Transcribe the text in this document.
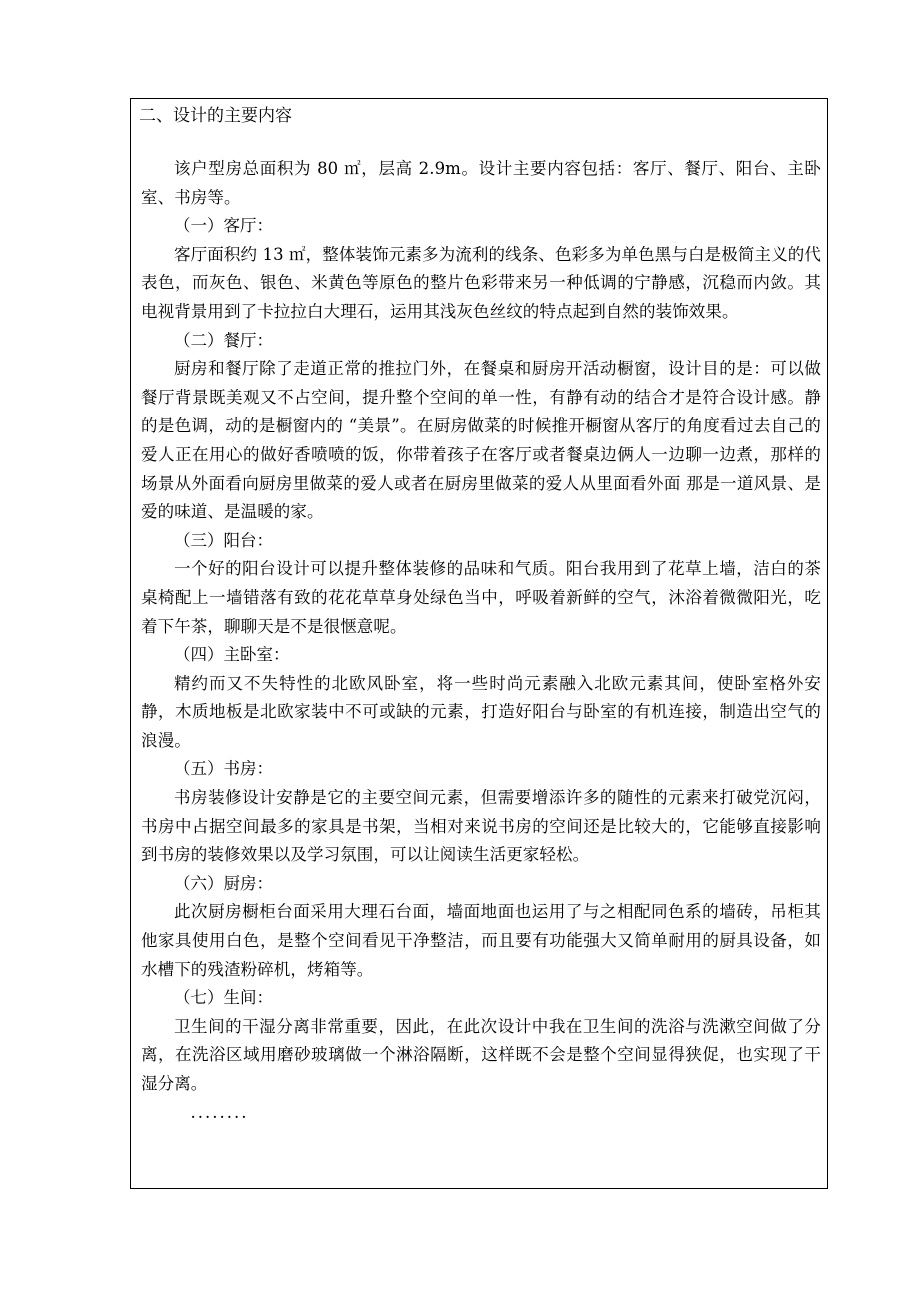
二、设计的主要内容

该户型房总面积为 80 ㎡，层高 2.9m。设计主要内容包括：客厅、餐厅、阳台、主卧室、书房等。

（一）客厅：

客厅面积约 13 ㎡，整体装饰元素多为流利的线条、色彩多为单色黑与白是极简主义的代表色，而灰色、银色、米黄色等原色的整片色彩带来另一种低调的宁静感，沉稳而内敛。其电视背景用到了卡拉拉白大理石，运用其浅灰色丝纹的特点起到自然的装饰效果。

（二）餐厅：

厨房和餐厅除了走道正常的推拉门外，在餐桌和厨房开活动橱窗，设计目的是：可以做餐厅背景既美观又不占空间，提升整个空间的单一性，有静有动的结合才是符合设计感。静的是色调，动的是橱窗内的 “美景”。在厨房做菜的时候推开橱窗从客厅的角度看过去自己的爱人正在用心的做好香喷喷的饭，你带着孩子在客厅或者餐桌边俩人一边聊一边煮，那样的场景从外面看向厨房里做菜的爱人或者在厨房里做菜的爱人从里面看外面 那是一道风景、是爱的味道、是温暖的家。

（三）阳台：

一个好的阳台设计可以提升整体装修的品味和气质。阳台我用到了花草上墙，洁白的茶桌椅配上一墙错落有致的花花草草身处绿色当中，呼吸着新鲜的空气，沐浴着微微阳光，吃着下午茶，聊聊天是不是很惬意呢。

（四）主卧室：

精约而又不失特性的北欧风卧室，将一些时尚元素融入北欧元素其间，使卧室格外安静，木质地板是北欧家装中不可或缺的元素，打造好阳台与卧室的有机连接，制造出空气的浪漫。

（五）书房：

书房装修设计安静是它的主要空间元素，但需要增添许多的随性的元素来打破党沉闷，书房中占据空间最多的家具是书架，当相对来说书房的空间还是比较大的，它能够直接影响到书房的装修效果以及学习氛围，可以让阅读生活更家轻松。

（六）厨房：

此次厨房橱柜台面采用大理石台面，墙面地面也运用了与之相配同色系的墙砖，吊柜其他家具使用白色，是整个空间看见干净整洁，而且要有功能强大又简单耐用的厨具设备，如水槽下的残渣粉碎机，烤箱等。

（七）生间：

卫生间的干湿分离非常重要，因此，在此次设计中我在卫生间的洗浴与洗漱空间做了分离，在洗浴区域用磨砂玻璃做一个淋浴隔断，这样既不会是整个空间显得狭促，也实现了干湿分离。

........
